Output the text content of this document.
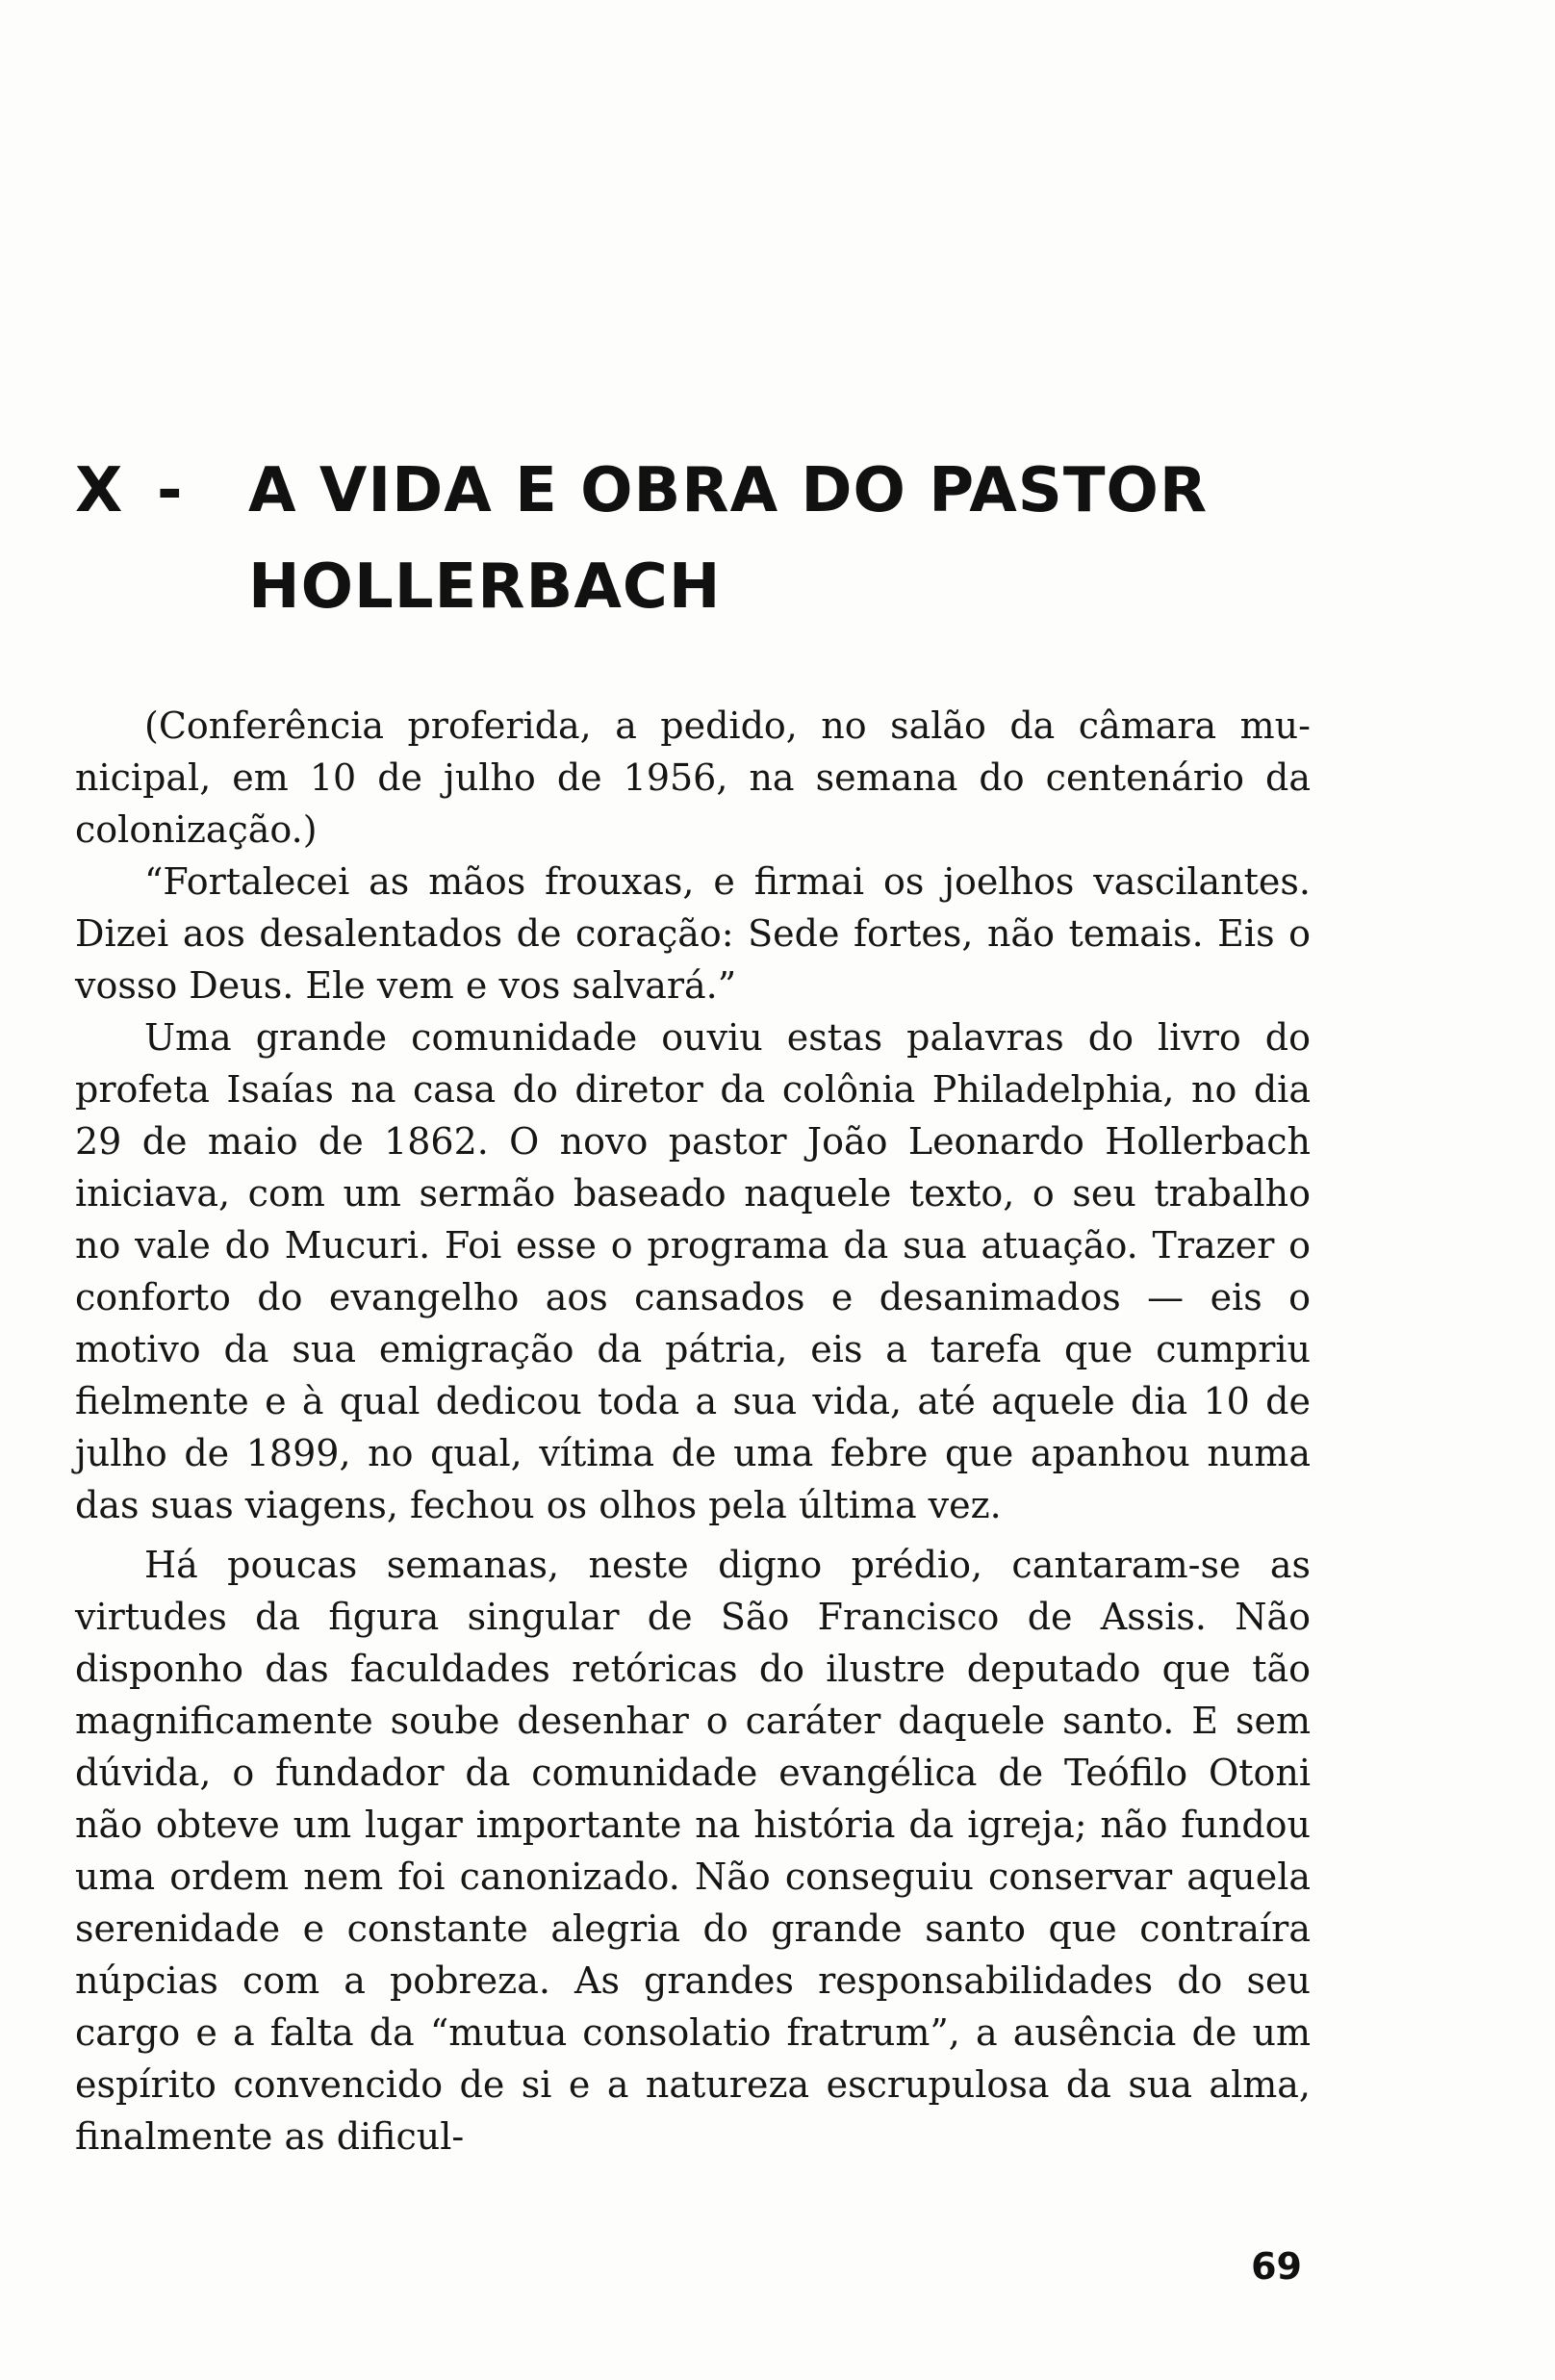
X - A VIDA E OBRA DO PASTOR
HOLLERBACH

(Conferência proferida, a pedido, no salão da câmara municipal, em 10 de julho de 1956, na semana do centenário da colonização.)

“Fortalecei as mãos frouxas, e firmai os joelhos vascilantes. Dizei aos desalentados de coração: Sede fortes, não temais. Eis o vosso Deus. Ele vem e vos salvará.”

Uma grande comunidade ouviu estas palavras do livro do profeta Isaías na casa do diretor da colônia Philadelphia, no dia 29 de maio de 1862. O novo pastor João Leonardo Hollerbach iniciava, com um sermão baseado naquele texto, o seu trabalho no vale do Mucuri. Foi esse o programa da sua atuação. Trazer o conforto do evangelho aos cansados e desanimados — eis o motivo da sua emigração da pátria, eis a tarefa que cumpriu fielmente e à qual dedicou toda a sua vida, até aquele dia 10 de julho de 1899, no qual, vítima de uma febre que apanhou numa das suas viagens, fechou os olhos pela última vez.

Há poucas semanas, neste digno prédio, cantaram-se as virtudes da figura singular de São Francisco de Assis. Não disponho das faculdades retóricas do ilustre deputado que tão magnificamente soube desenhar o caráter daquele santo. E sem dúvida, o fundador da comunidade evangélica de Teófilo Otoni não obteve um lugar importante na história da igreja; não fundou uma ordem nem foi canonizado. Não conseguiu conservar aquela serenidade e constante alegria do grande santo que contraíra núpcias com a pobreza. As grandes responsabilidades do seu cargo e a falta da “mutua consolatio fratrum”, a ausência de um espírito convencido de si e a natureza escrupulosa da sua alma, finalmente as dificul-

69
